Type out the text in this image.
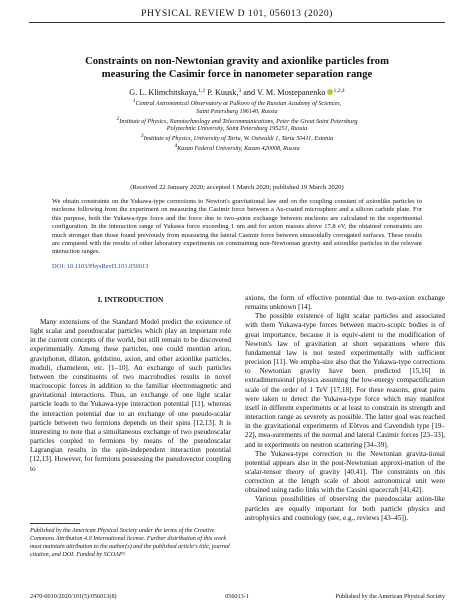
PHYSICAL REVIEW D 101, 056013 (2020)
Constraints on non-Newtonian gravity and axionlike particles from measuring the Casimir force in nanometer separation range
G. L. Klimchitskaya,$^{1,2}$ P. Kuusk,$^3$ and V. M. Mostepanenko $^{1,2,4}$
1Central Astronomical Observatory at Pulkovo of the Russian Academy of Sciences,
Saint Petersburg 196140, Russia
2Institute of Physics, Nanotechnology and Telecommunications, Peter the Great Saint Petersburg
Polytechnic University, Saint Petersburg 195251, Russia
3Institute of Physics, University of Tartu, W. Ostwaldi 1, Tartu 50411, Estonia
4Kazan Federal University, Kazan 420008, Russia
(Received 22 January 2020; accepted 1 March 2020; published 19 March 2020)
We obtain constraints on the Yukawa-type corrections to Newton's gravitational law and on the coupling constant of axionlike particles to nucleons following from the experiment on measuring the Casimir force between a Au-coated microsphere and a silicon carbide plate. For this purpose, both the Yukawa-type force and the force due to two-axion exchange between nucleons are calculated in the experimental configuration. In the interaction range of Yukawa force exceeding 1 nm and for axion masses above 17.8 eV, the obtained constraints are much stronger than those found previously from measuring the lateral Casimir force between sinusoidally corrugated surfaces. These results are compared with the results of other laboratory experiments on constraining non-Newtonian gravity and axionlike particles in the relevant interaction ranges.
DOI: 10.1103/PhysRevD.101.056013
I. INTRODUCTION

Many extensions of the Standard Model predict the existence of light scalar and pseudoscalar particles which play an important role in the current concepts of the world, but still remain to be discovered experimentally. Among these particles, one could mention arion, graviphoton, dilaton, goldstino, axion, and other axionlike particles, moduli, chameleon, etc. [1–10]. An exchange of such particles between the constituents of two macrobodies results in novel macroscopic forces in addition to the familiar electromagnetic and gravitational interactions. Thus, an exchange of one light scalar particle leads to the Yukawa-type interaction potential [11], whereas the interaction potential due to an exchange of one pseudo-scalar particle between two fermions depends on their spins [12,13]. It is interesting to note that a simultaneous exchange of two pseudoscalar particles coupled to fermions by means of the pseudoscalar Lagrangian results in the spin-independent interaction potential [12,13]. However, for fermions possessing the pseudovector coupling to

axions, the form of effective potential due to two-axion exchange remains unknown [14].

The possible existence of light scalar particles and associated with them Yukawa-type forces between macro-scopic bodies is of great importance, because it is equiv-alent to the modification of Newton's law of gravitation at short separations where this fundamental law is not tested experimentally with sufficient precision [11]. We empha-size also that the Yukawa-type corrections to Newtonian gravity have been predicted [15,16] in extradimensional physics assuming the low-energy compactification scale of the order of 1 TeV [17,18]. For these reasons, great pains were taken to detect the Yukawa-type force which may manifest itself in different experiments or at least to constrain its strength and interaction range as severely as possible. The latter goal was reached in the gravitational experiments of Eötvos and Cavendish type [19–22], mea-surements of the normal and lateral Casimir forces [23–33], and in experiments on neutron scattering [34–39].

The Yukawa-type correction to the Newtonian gravita-tional potential appears also in the post-Newtonian approxi-mation of the scalar-tensor theory of gravity [40,41]. The constraints on this correction at the length scale of about astronomical unit were obtained using radio links with the Cassini spacecraft [41,42].

Various possibilities of observing the pseudoscalar axion-like particles are equally important for both particle physics and astrophysics and cosmology (see, e.g., reviews [43–45]).

Published by the American Physical Society under the terms of the Creative Commons Attribution 4.0 International license. Further distribution of this work must maintain attribution to the author(s) and the published article's title, journal citation, and DOI. Funded by SCOAP³.
2470-0010/2020/101(5)/056013(8)	056013-1	Published by the American Physical Society
